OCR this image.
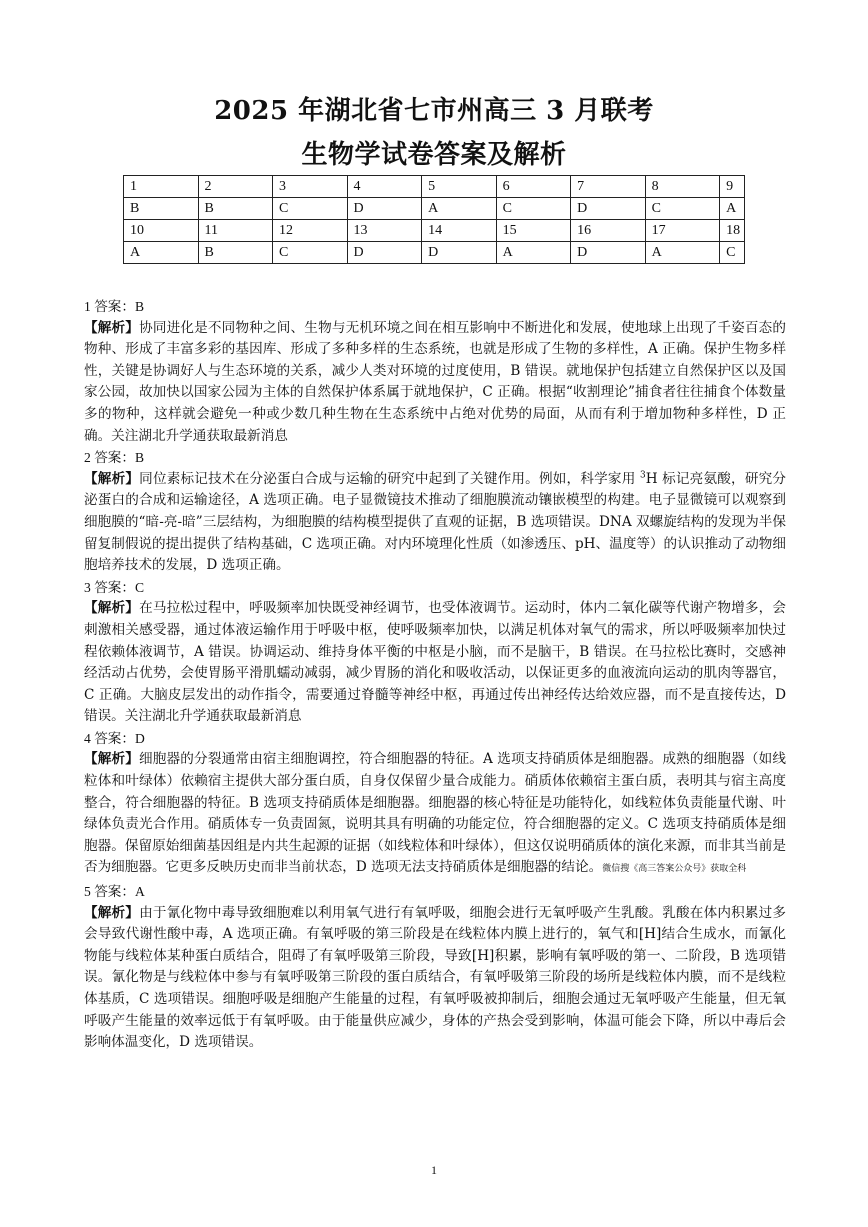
2025 年湖北省七市州高三 3 月联考
生物学试卷答案及解析
1	2	3	4	5	6	7	8	9
B	B	C	D	A	C	D	C	A
10	11	12	13	14	15	16	17	18
A	B	C	D	D	A	D	A	C

1 答案：B

【解析】协同进化是不同物种之间、生物与无机环境之间在相互影响中不断进化和发展，使地球上出现了千姿百态的物种、形成了丰富多彩的基因库、形成了多种多样的生态系统，也就是形成了生物的多样性，A 正确。保护生物多样性，关键是协调好人与生态环境的关系，减少人类对环境的过度使用，B 错误。就地保护包括建立自然保护区以及国家公园，故加快以国家公园为主体的自然保护体系属于就地保护，C 正确。根据“收割理论”捕食者往往捕食个体数量多的物种，这样就会避免一种或少数几种生物在生态系统中占绝对优势的局面，从而有利于增加物种多样性，D 正确。关注湖北升学通获取最新消息

2 答案：B

【解析】同位素标记技术在分泌蛋白合成与运输的研究中起到了关键作用。例如，科学家用 $^3$H 标记亮氨酸，研究分泌蛋白的合成和运输途径，A 选项正确。电子显微镜技术推动了细胞膜流动镶嵌模型的构建。电子显微镜可以观察到细胞膜的“暗-亮-暗”三层结构，为细胞膜的结构模型提供了直观的证据，B 选项错误。DNA 双螺旋结构的发现为半保留复制假说的提出提供了结构基础，C 选项正确。对内环境理化性质（如渗透压、pH、温度等）的认识推动了动物细胞培养技术的发展，D 选项正确。

3 答案：C

【解析】在马拉松过程中，呼吸频率加快既受神经调节，也受体液调节。运动时，体内二氧化碳等代谢产物增多，会刺激相关感受器，通过体液运输作用于呼吸中枢，使呼吸频率加快，以满足机体对氧气的需求，所以呼吸频率加快过程依赖体液调节，A 错误。协调运动、维持身体平衡的中枢是小脑，而不是脑干，B 错误。在马拉松比赛时，交感神经活动占优势，会使胃肠平滑肌蠕动减弱，减少胃肠的消化和吸收活动，以保证更多的血液流向运动的肌肉等器官，C 正确。大脑皮层发出的动作指令，需要通过脊髓等神经中枢，再通过传出神经传达给效应器，而不是直接传达，D 错误。关注湖北升学通获取最新消息

4 答案：D

【解析】细胞器的分裂通常由宿主细胞调控，符合细胞器的特征。A 选项支持硝质体是细胞器。成熟的细胞器（如线粒体和叶绿体）依赖宿主提供大部分蛋白质，自身仅保留少量合成能力。硝质体依赖宿主蛋白质，表明其与宿主高度整合，符合细胞器的特征。B 选项支持硝质体是细胞器。细胞器的核心特征是功能特化，如线粒体负责能量代谢、叶绿体负责光合作用。硝质体专一负责固氮，说明其具有明确的功能定位，符合细胞器的定义。C 选项支持硝质体是细胞器。保留原始细菌基因组是内共生起源的证据（如线粒体和叶绿体），但这仅说明硝质体的演化来源，而非其当前是否为细胞器。它更多反映历史而非当前状态，D 选项无法支持硝质体是细胞器的结论。微信搜《高三答案公众号》获取全科

5 答案：A

【解析】由于氰化物中毒导致细胞难以利用氧气进行有氧呼吸，细胞会进行无氧呼吸产生乳酸。乳酸在体内积累过多会导致代谢性酸中毒，A 选项正确。有氧呼吸的第三阶段是在线粒体内膜上进行的，氧气和[H]结合生成水，而氰化物能与线粒体某种蛋白质结合，阻碍了有氧呼吸第三阶段，导致[H]积累，影响有氧呼吸的第一、二阶段，B 选项错误。氰化物是与线粒体中参与有氧呼吸第三阶段的蛋白质结合，有氧呼吸第三阶段的场所是线粒体内膜，而不是线粒体基质，C 选项错误。细胞呼吸是细胞产生能量的过程，有氧呼吸被抑制后，细胞会通过无氧呼吸产生能量，但无氧呼吸产生能量的效率远低于有氧呼吸。由于能量供应减少，身体的产热会受到影响，体温可能会下降，所以中毒后会影响体温变化，D 选项错误。

1
